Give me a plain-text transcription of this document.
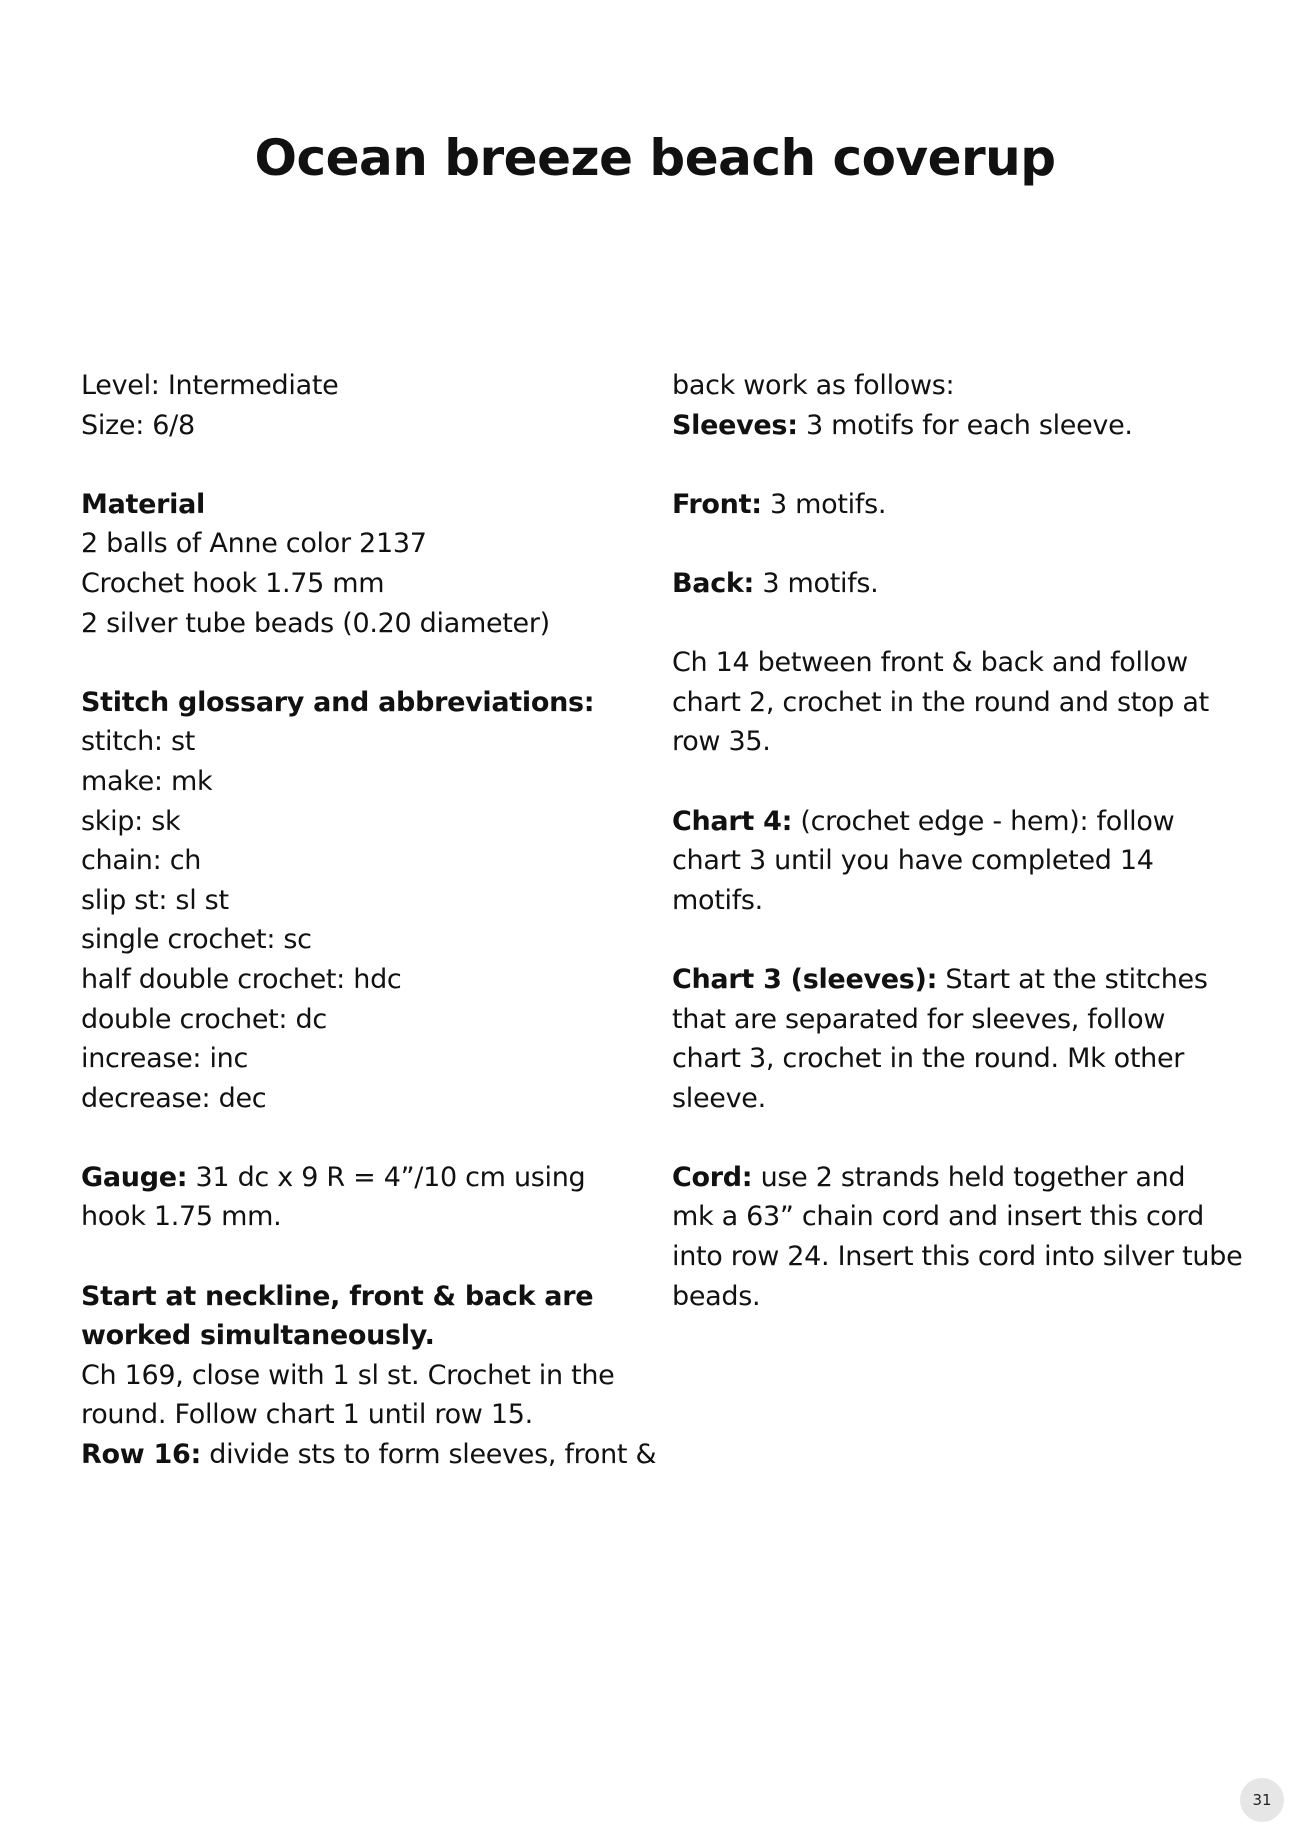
Ocean breeze beach coverup
Level: Intermediate
Size: 6/8
Material
2 balls of Anne color 2137
Crochet hook 1.75 mm
2 silver tube beads (0.20 diameter)
Stitch glossary and abbreviations:
stitch: st
make: mk
skip: sk
chain: ch
slip st: sl st
single crochet: sc
half double crochet: hdc
double crochet: dc
increase: inc
decrease: dec
Gauge: 31 dc x 9 R = 4”/10 cm using
hook 1.75 mm.
Start at neckline, front & back are
worked simultaneously.
Ch 169, close with 1 sl st. Crochet in the
round. Follow chart 1 until row 15.
Row 16: divide sts to form sleeves, front &
back work as follows:
Sleeves: 3 motifs for each sleeve.
Front: 3 motifs.
Back: 3 motifs.
Ch 14 between front & back and follow
chart 2, crochet in the round and stop at
row 35.
Chart 4: (crochet edge - hem): follow
chart 3 until you have completed 14
motifs.
Chart 3 (sleeves): Start at the stitches
that are separated for sleeves, follow
chart 3, crochet in the round. Mk other
sleeve.
Cord: use 2 strands held together and
mk a 63” chain cord and insert this cord
into row 24. Insert this cord into silver tube
beads.
31
